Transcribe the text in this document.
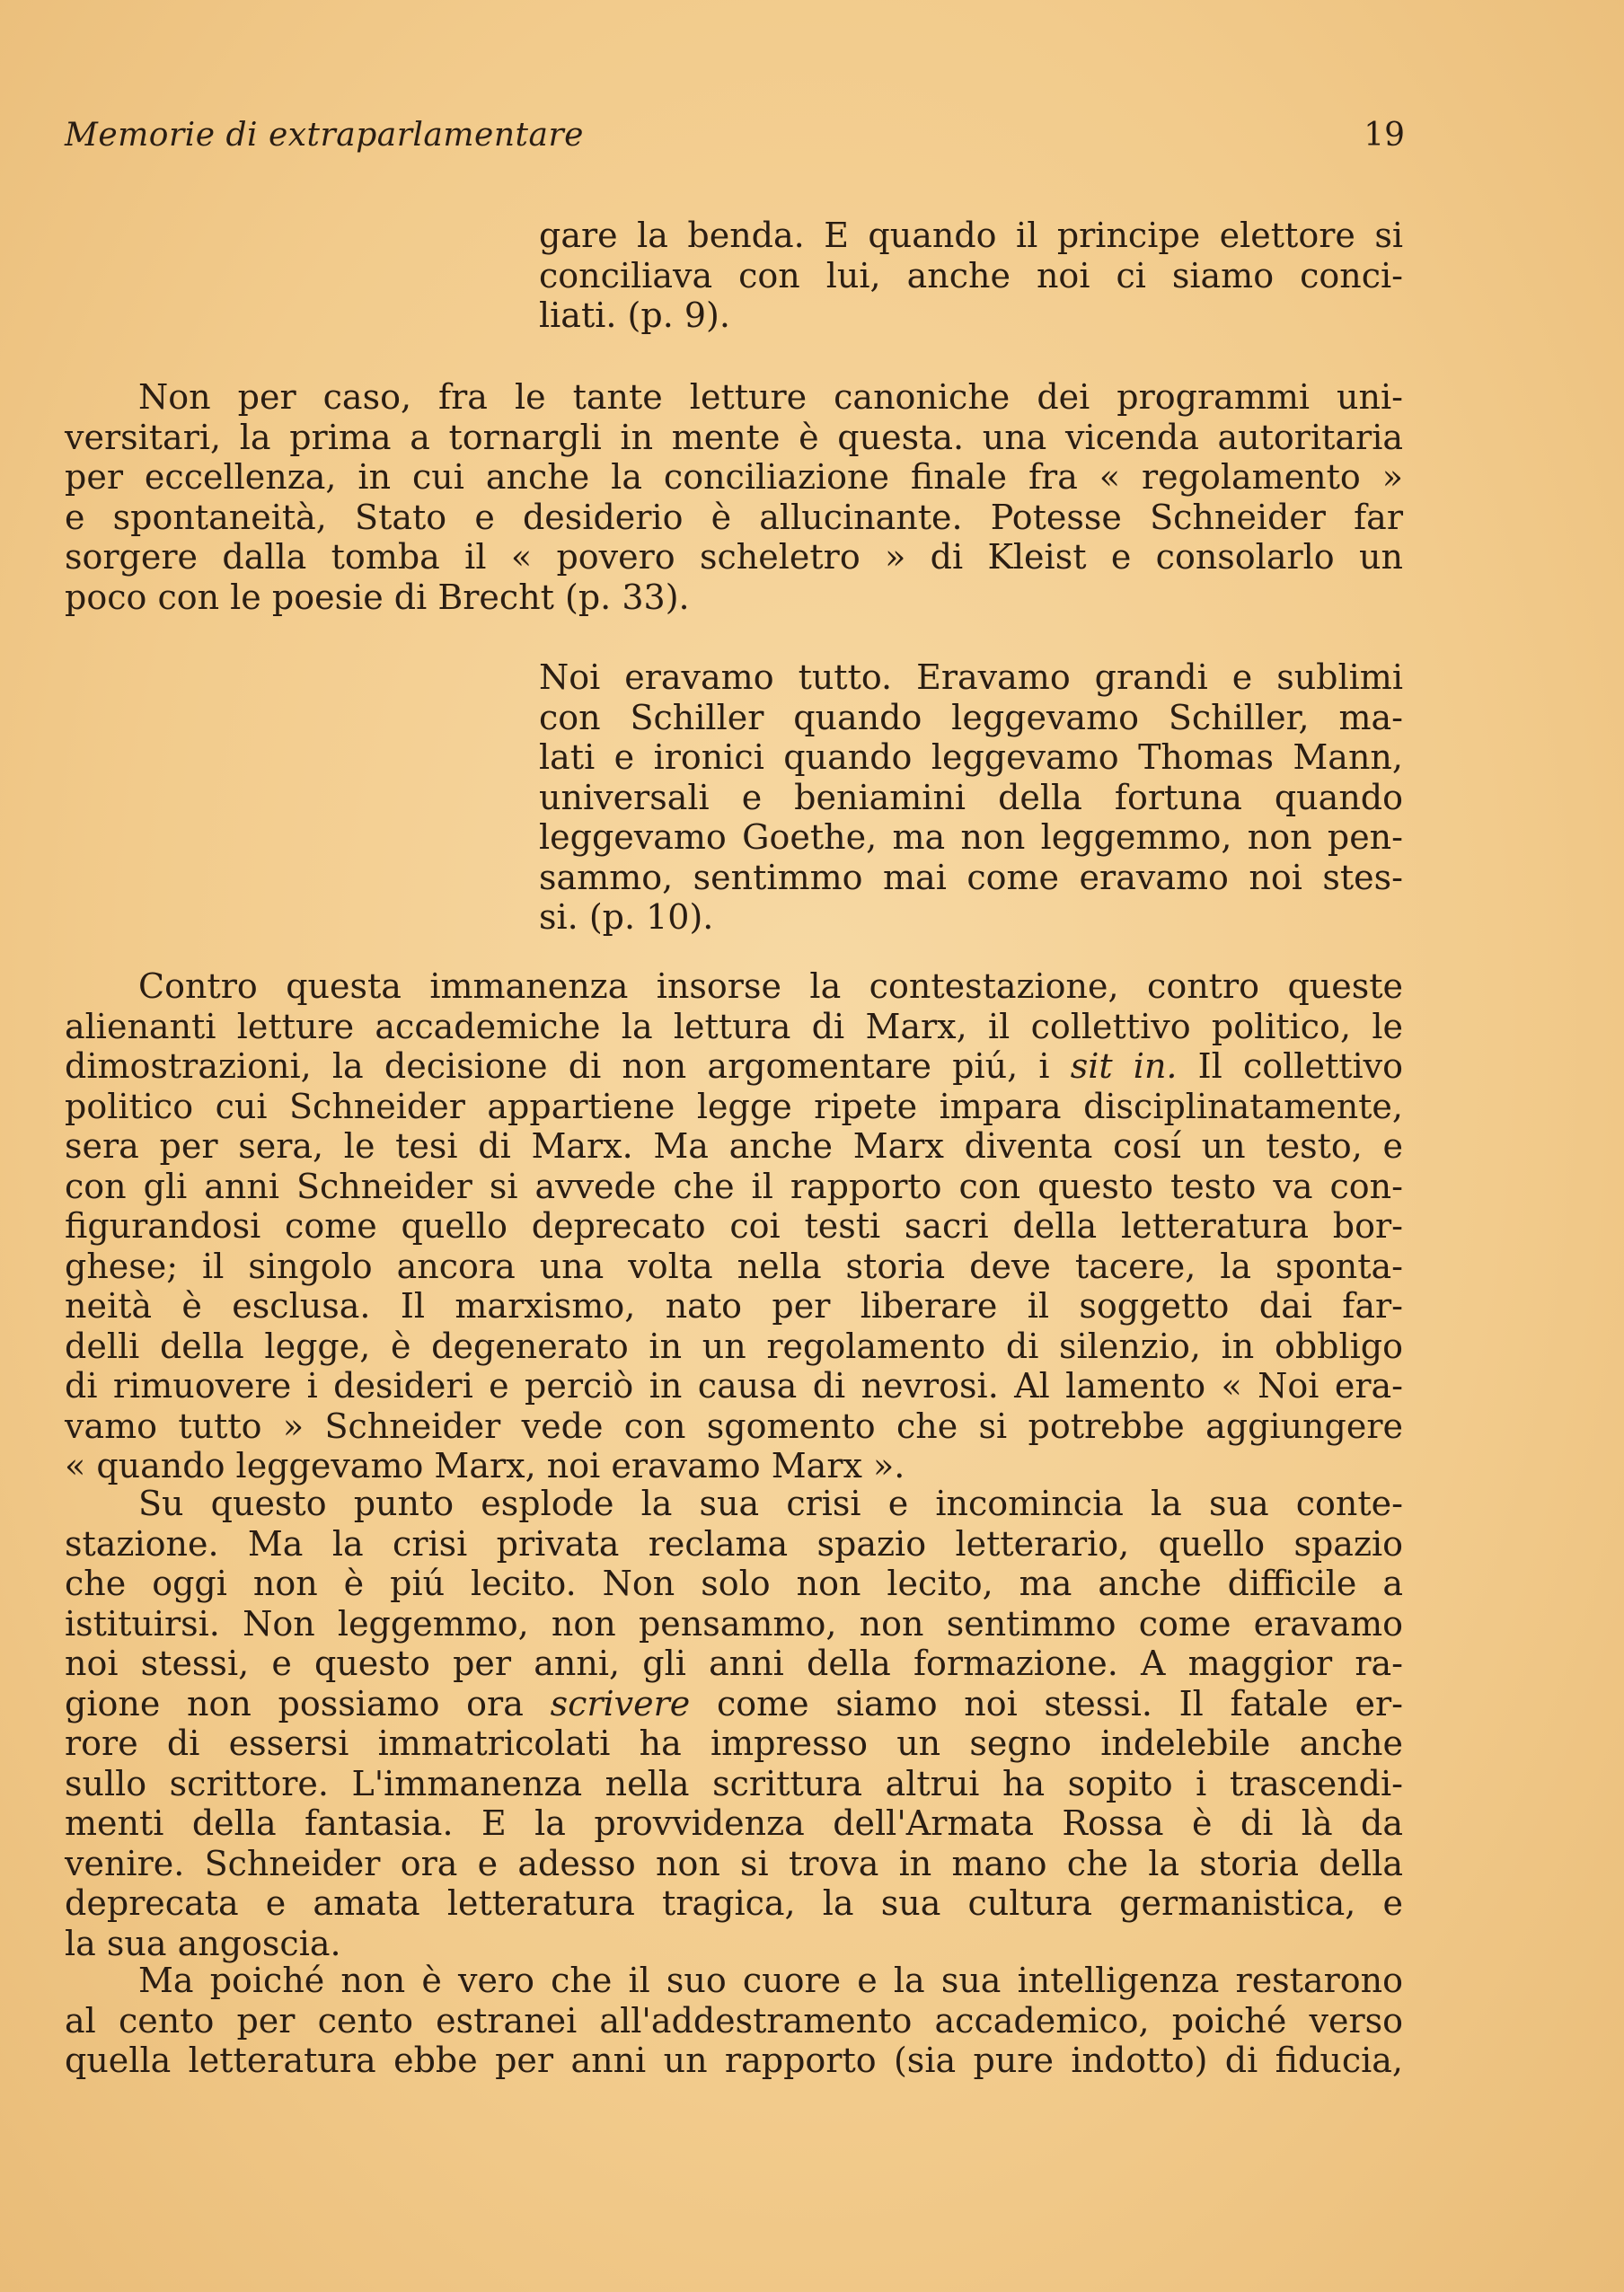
Memorie di extraparlamentare	19
gare la benda. E quando il principe elettore si
conciliava con lui, anche noi ci siamo conci-
liati. (p. 9).
Non per caso, fra le tante letture canoniche dei programmi uni-
versitari, la prima a tornargli in mente è questa. una vicenda autoritaria
per eccellenza, in cui anche la conciliazione finale fra « regolamento »
e spontaneità, Stato e desiderio è allucinante. Potesse Schneider far
sorgere dalla tomba il « povero scheletro » di Kleist e consolarlo un
poco con le poesie di Brecht (p. 33).
Noi eravamo tutto. Eravamo grandi e sublimi
con Schiller quando leggevamo Schiller, ma-
lati e ironici quando leggevamo Thomas Mann,
universali e beniamini della fortuna quando
leggevamo Goethe, ma non leggemmo, non pen-
sammo, sentimmo mai come eravamo noi stes-
si. (p. 10).
Contro questa immanenza insorse la contestazione, contro queste
alienanti letture accademiche la lettura di Marx, il collettivo politico, le
dimostrazioni, la decisione di non argomentare piú, i sit in. Il collettivo
politico cui Schneider appartiene legge ripete impara disciplinatamente,
sera per sera, le tesi di Marx. Ma anche Marx diventa cosí un testo, e
con gli anni Schneider si avvede che il rapporto con questo testo va con-
figurandosi come quello deprecato coi testi sacri della letteratura bor-
ghese; il singolo ancora una volta nella storia deve tacere, la sponta-
neità è esclusa. Il marxismo, nato per liberare il soggetto dai far-
delli della legge, è degenerato in un regolamento di silenzio, in obbligo
di rimuovere i desideri e perciò in causa di nevrosi. Al lamento « Noi era-
vamo tutto » Schneider vede con sgomento che si potrebbe aggiungere
« quando leggevamo Marx, noi eravamo Marx ».
Su questo punto esplode la sua crisi e incomincia la sua conte-
stazione. Ma la crisi privata reclama spazio letterario, quello spazio
che oggi non è piú lecito. Non solo non lecito, ma anche difficile a
istituirsi. Non leggemmo, non pensammo, non sentimmo come eravamo
noi stessi, e questo per anni, gli anni della formazione. A maggior ra-
gione non possiamo ora scrivere come siamo noi stessi. Il fatale er-
rore di essersi immatricolati ha impresso un segno indelebile anche
sullo scrittore. L'immanenza nella scrittura altrui ha sopito i trascendi-
menti della fantasia. E la provvidenza dell'Armata Rossa è di là da
venire. Schneider ora e adesso non si trova in mano che la storia della
deprecata e amata letteratura tragica, la sua cultura germanistica, e
la sua angoscia.
Ma poiché non è vero che il suo cuore e la sua intelligenza restarono
al cento per cento estranei all'addestramento accademico, poiché verso
quella letteratura ebbe per anni un rapporto (sia pure indotto) di fiducia,
